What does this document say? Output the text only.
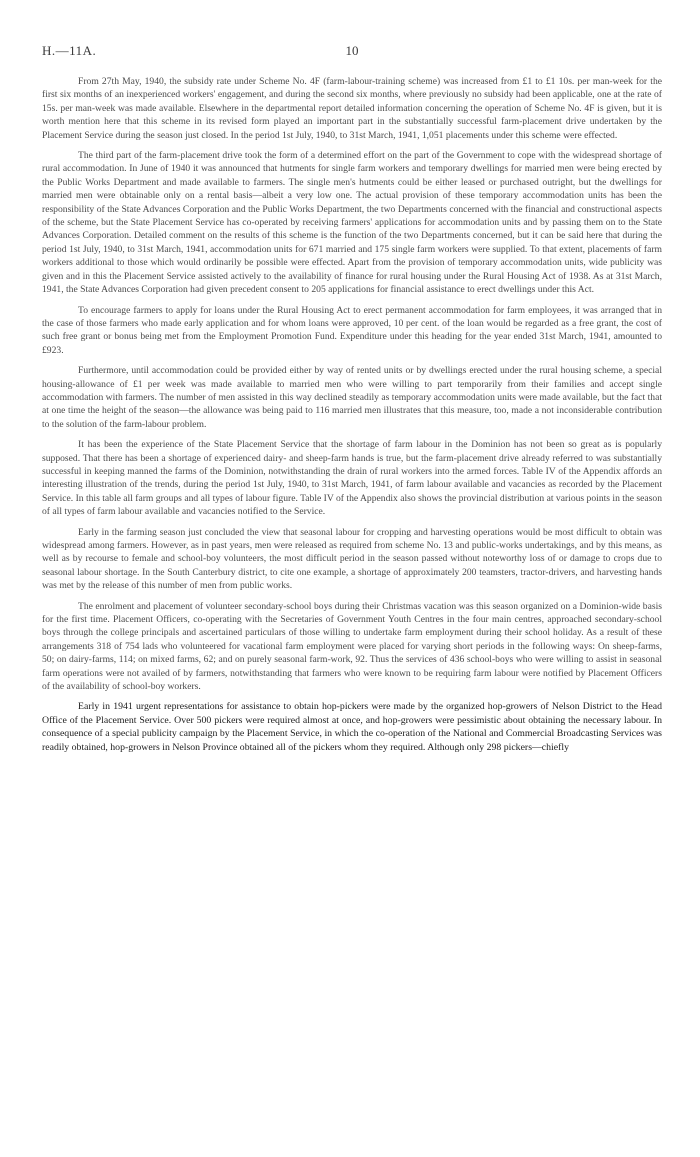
H.—11A.	10

From 27th May, 1940, the subsidy rate under Scheme No. 4F (farm-labour-training scheme) was increased from £1 to £1 10s. per man-week for the first six months of an inexperienced workers' engagement, and during the second six months, where previously no subsidy had been applicable, one at the rate of 15s. per man-week was made available. Elsewhere in the departmental report detailed information concerning the operation of Scheme No. 4F is given, but it is worth mention here that this scheme in its revised form played an important part in the substantially successful farm-placement drive undertaken by the Placement Service during the season just closed. In the period 1st July, 1940, to 31st March, 1941, 1,051 placements under this scheme were effected.

The third part of the farm-placement drive took the form of a determined effort on the part of the Government to cope with the widespread shortage of rural accommodation. In June of 1940 it was announced that hutments for single farm workers and temporary dwellings for married men were being erected by the Public Works Department and made available to farmers. The single men's hutments could be either leased or purchased outright, but the dwellings for married men were obtainable only on a rental basis—albeit a very low one. The actual provision of these temporary accommodation units has been the responsibility of the State Advances Corporation and the Public Works Department, the two Departments concerned with the financial and constructional aspects of the scheme, but the State Placement Service has co-operated by receiving farmers' applications for accommodation units and by passing them on to the State Advances Corporation. Detailed comment on the results of this scheme is the function of the two Departments concerned, but it can be said here that during the period 1st July, 1940, to 31st March, 1941, accommodation units for 671 married and 175 single farm workers were supplied. To that extent, placements of farm workers additional to those which would ordinarily be possible were effected. Apart from the provision of temporary accommodation units, wide publicity was given and in this the Placement Service assisted actively to the availability of finance for rural housing under the Rural Housing Act of 1938. As at 31st March, 1941, the State Advances Corporation had given precedent consent to 205 applications for financial assistance to erect dwellings under this Act.

To encourage farmers to apply for loans under the Rural Housing Act to erect permanent accommodation for farm employees, it was arranged that in the case of those farmers who made early application and for whom loans were approved, 10 per cent. of the loan would be regarded as a free grant, the cost of such free grant or bonus being met from the Employment Promotion Fund. Expenditure under this heading for the year ended 31st March, 1941, amounted to £923.

Furthermore, until accommodation could be provided either by way of rented units or by dwellings erected under the rural housing scheme, a special housing-allowance of £1 per week was made available to married men who were willing to part temporarily from their families and accept single accommodation with farmers. The number of men assisted in this way declined steadily as temporary accommodation units were made available, but the fact that at one time the height of the season—the allowance was being paid to 116 married men illustrates that this measure, too, made a not inconsiderable contribution to the solution of the farm-labour problem.

It has been the experience of the State Placement Service that the shortage of farm labour in the Dominion has not been so great as is popularly supposed. That there has been a shortage of experienced dairy- and sheep-farm hands is true, but the farm-placement drive already referred to was substantially successful in keeping manned the farms of the Dominion, notwithstanding the drain of rural workers into the armed forces. Table IV of the Appendix affords an interesting illustration of the trends, during the period 1st July, 1940, to 31st March, 1941, of farm labour available and vacancies as recorded by the Placement Service. In this table all farm groups and all types of labour figure. Table IV of the Appendix also shows the provincial distribution at various points in the season of all types of farm labour available and vacancies notified to the Service.

Early in the farming season just concluded the view that seasonal labour for cropping and harvesting operations would be most difficult to obtain was widespread among farmers. However, as in past years, men were released as required from scheme No. 13 and public-works undertakings, and by this means, as well as by recourse to female and school-boy volunteers, the most difficult period in the season passed without noteworthy loss of or damage to crops due to seasonal labour shortage. In the South Canterbury district, to cite one example, a shortage of approximately 200 teamsters, tractor-drivers, and harvesting hands was met by the release of this number of men from public works.

The enrolment and placement of volunteer secondary-school boys during their Christmas vacation was this season organized on a Dominion-wide basis for the first time. Placement Officers, co-operating with the Secretaries of Government Youth Centres in the four main centres, approached secondary-school boys through the college principals and ascertained particulars of those willing to undertake farm employment during their school holiday. As a result of these arrangements 318 of 754 lads who volunteered for vacational farm employment were placed for varying short periods in the following ways: On sheep-farms, 50; on dairy-farms, 114; on mixed farms, 62; and on purely seasonal farm-work, 92. Thus the services of 436 school-boys who were willing to assist in seasonal farm operations were not availed of by farmers, notwithstanding that farmers who were known to be requiring farm labour were notified by Placement Officers of the availability of school-boy workers.

Early in 1941 urgent representations for assistance to obtain hop-pickers were made by the organized hop-growers of Nelson District to the Head Office of the Placement Service. Over 500 pickers were required almost at once, and hop-growers were pessimistic about obtaining the necessary labour. In consequence of a special publicity campaign by the Placement Service, in which the co-operation of the National and Commercial Broadcasting Services was readily obtained, hop-growers in Nelson Province obtained all of the pickers whom they required. Although only 298 pickers—chiefly
